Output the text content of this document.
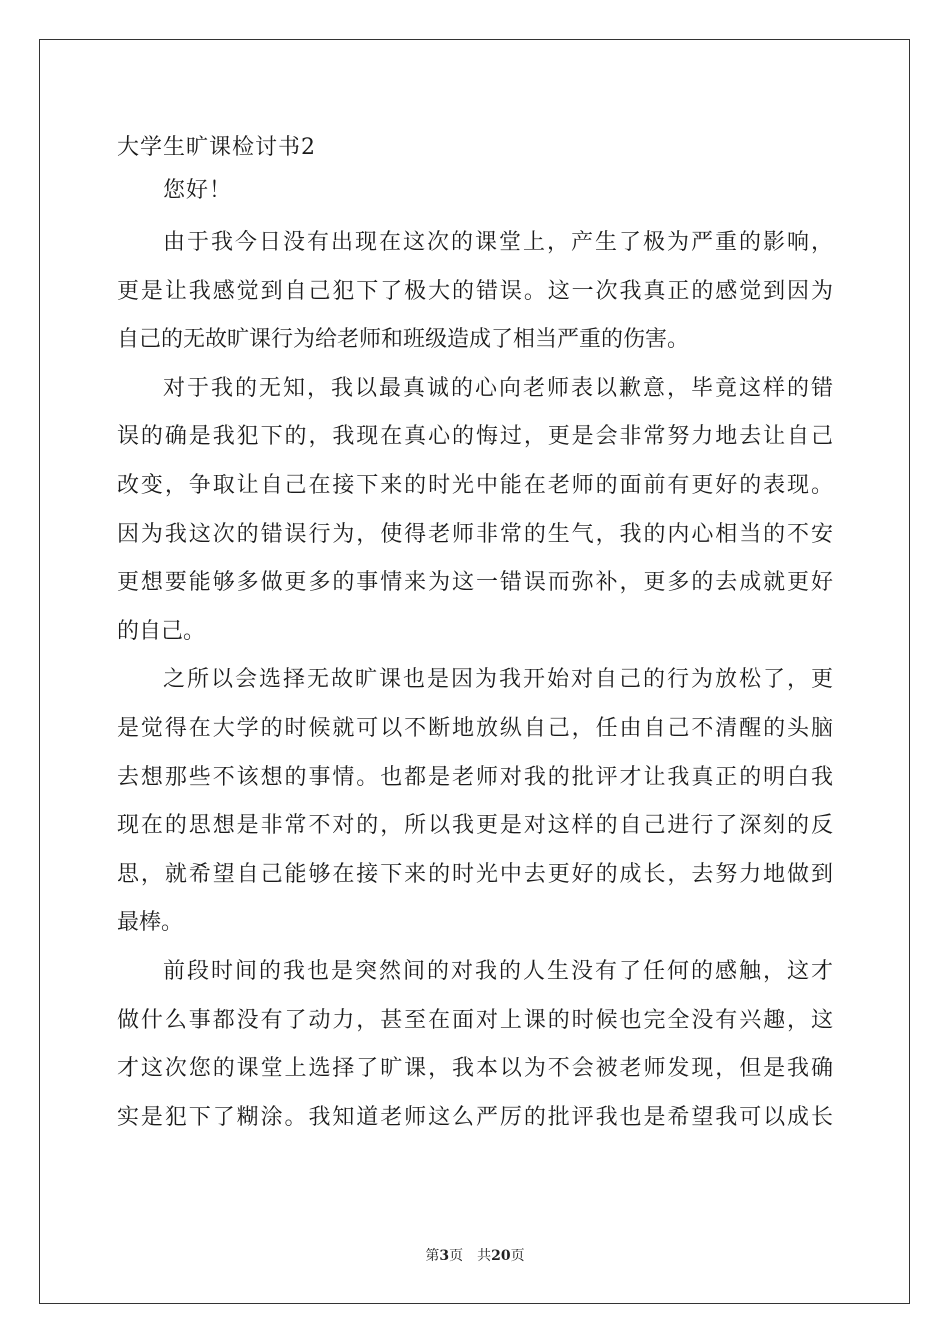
大学生旷课检讨书2

您好！

由于我今日没有出现在这次的课堂上，产生了极为严重的影响，
更是让我感觉到自己犯下了极大的错误。这一次我真正的感觉到因为
自己的无故旷课行为给老师和班级造成了相当严重的伤害。
对于我的无知，我以最真诚的心向老师表以歉意，毕竟这样的错
误的确是我犯下的，我现在真心的悔过，更是会非常努力地去让自己
改变，争取让自己在接下来的时光中能在老师的面前有更好的表现。
因为我这次的错误行为，使得老师非常的生气，我的内心相当的不安
更想要能够多做更多的事情来为这一错误而弥补，更多的去成就更好
的自己。
之所以会选择无故旷课也是因为我开始对自己的行为放松了，更
是觉得在大学的时候就可以不断地放纵自己，任由自己不清醒的头脑
去想那些不该想的事情。也都是老师对我的批评才让我真正的明白我
现在的思想是非常不对的，所以我更是对这样的自己进行了深刻的反
思，就希望自己能够在接下来的时光中去更好的成长，去努力地做到
最棒。
前段时间的我也是突然间的对我的人生没有了任何的感触，这才
做什么事都没有了动力，甚至在面对上课的时候也完全没有兴趣，这
才这次您的课堂上选择了旷课，我本以为不会被老师发现，但是我确
实是犯下了糊涂。我知道老师这么严厉的批评我也是希望我可以成长
第3页 共20页
